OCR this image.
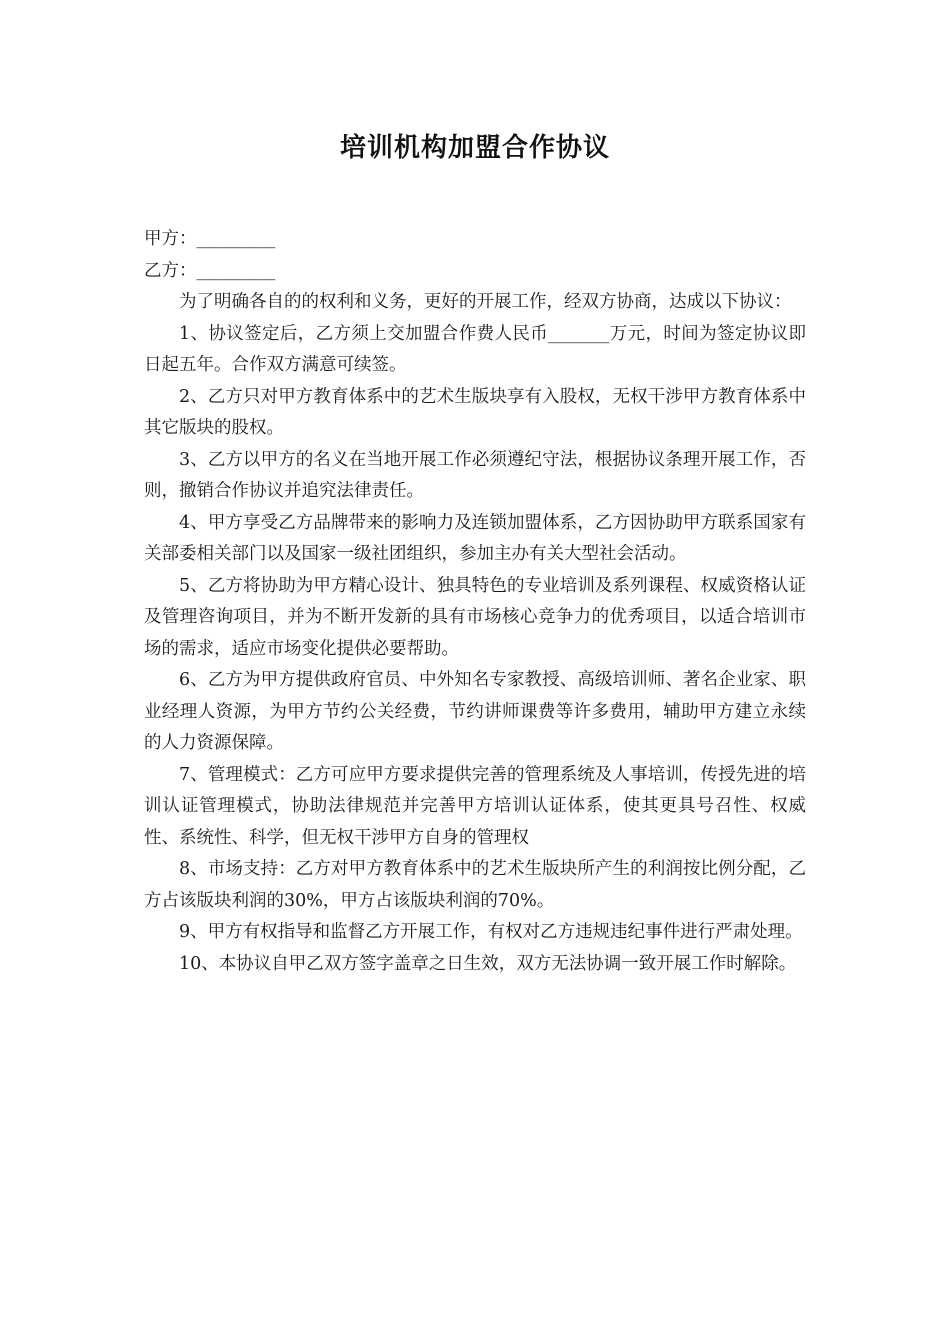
培训机构加盟合作协议

甲方：_________

乙方：_________

为了明确各自的的权利和义务，更好的开展工作，经双方协商，达成以下协议：

1、协议签定后，乙方须上交加盟合作费人民币_______万元，时间为签定协议即日起五年。合作双方满意可续签。

2、乙方只对甲方教育体系中的艺术生版块享有入股权，无权干涉甲方教育体系中其它版块的股权。

3、乙方以甲方的名义在当地开展工作必须遵纪守法，根据协议条理开展工作，否则，撤销合作协议并追究法律责任。

4、甲方享受乙方品牌带来的影响力及连锁加盟体系，乙方因协助甲方联系国家有关部委相关部门以及国家一级社团组织，参加主办有关大型社会活动。

5、乙方将协助为甲方精心设计、独具特色的专业培训及系列课程、权威资格认证及管理咨询项目，并为不断开发新的具有市场核心竞争力的优秀项目，以适合培训市场的需求，适应市场变化提供必要帮助。

6、乙方为甲方提供政府官员、中外知名专家教授、高级培训师、著名企业家、职业经理人资源，为甲方节约公关经费，节约讲师课费等许多费用，辅助甲方建立永续的人力资源保障。

7、管理模式：乙方可应甲方要求提供完善的管理系统及人事培训，传授先进的培训认证管理模式，协助法律规范并完善甲方培训认证体系，使其更具号召性、权威性、系统性、科学，但无权干涉甲方自身的管理权

8、市场支持：乙方对甲方教育体系中的艺术生版块所产生的利润按比例分配，乙方占该版块利润的30%，甲方占该版块利润的70%。

9、甲方有权指导和监督乙方开展工作，有权对乙方违规违纪事件进行严肃处理。

10、本协议自甲乙双方签字盖章之日生效，双方无法协调一致开展工作时解除。
